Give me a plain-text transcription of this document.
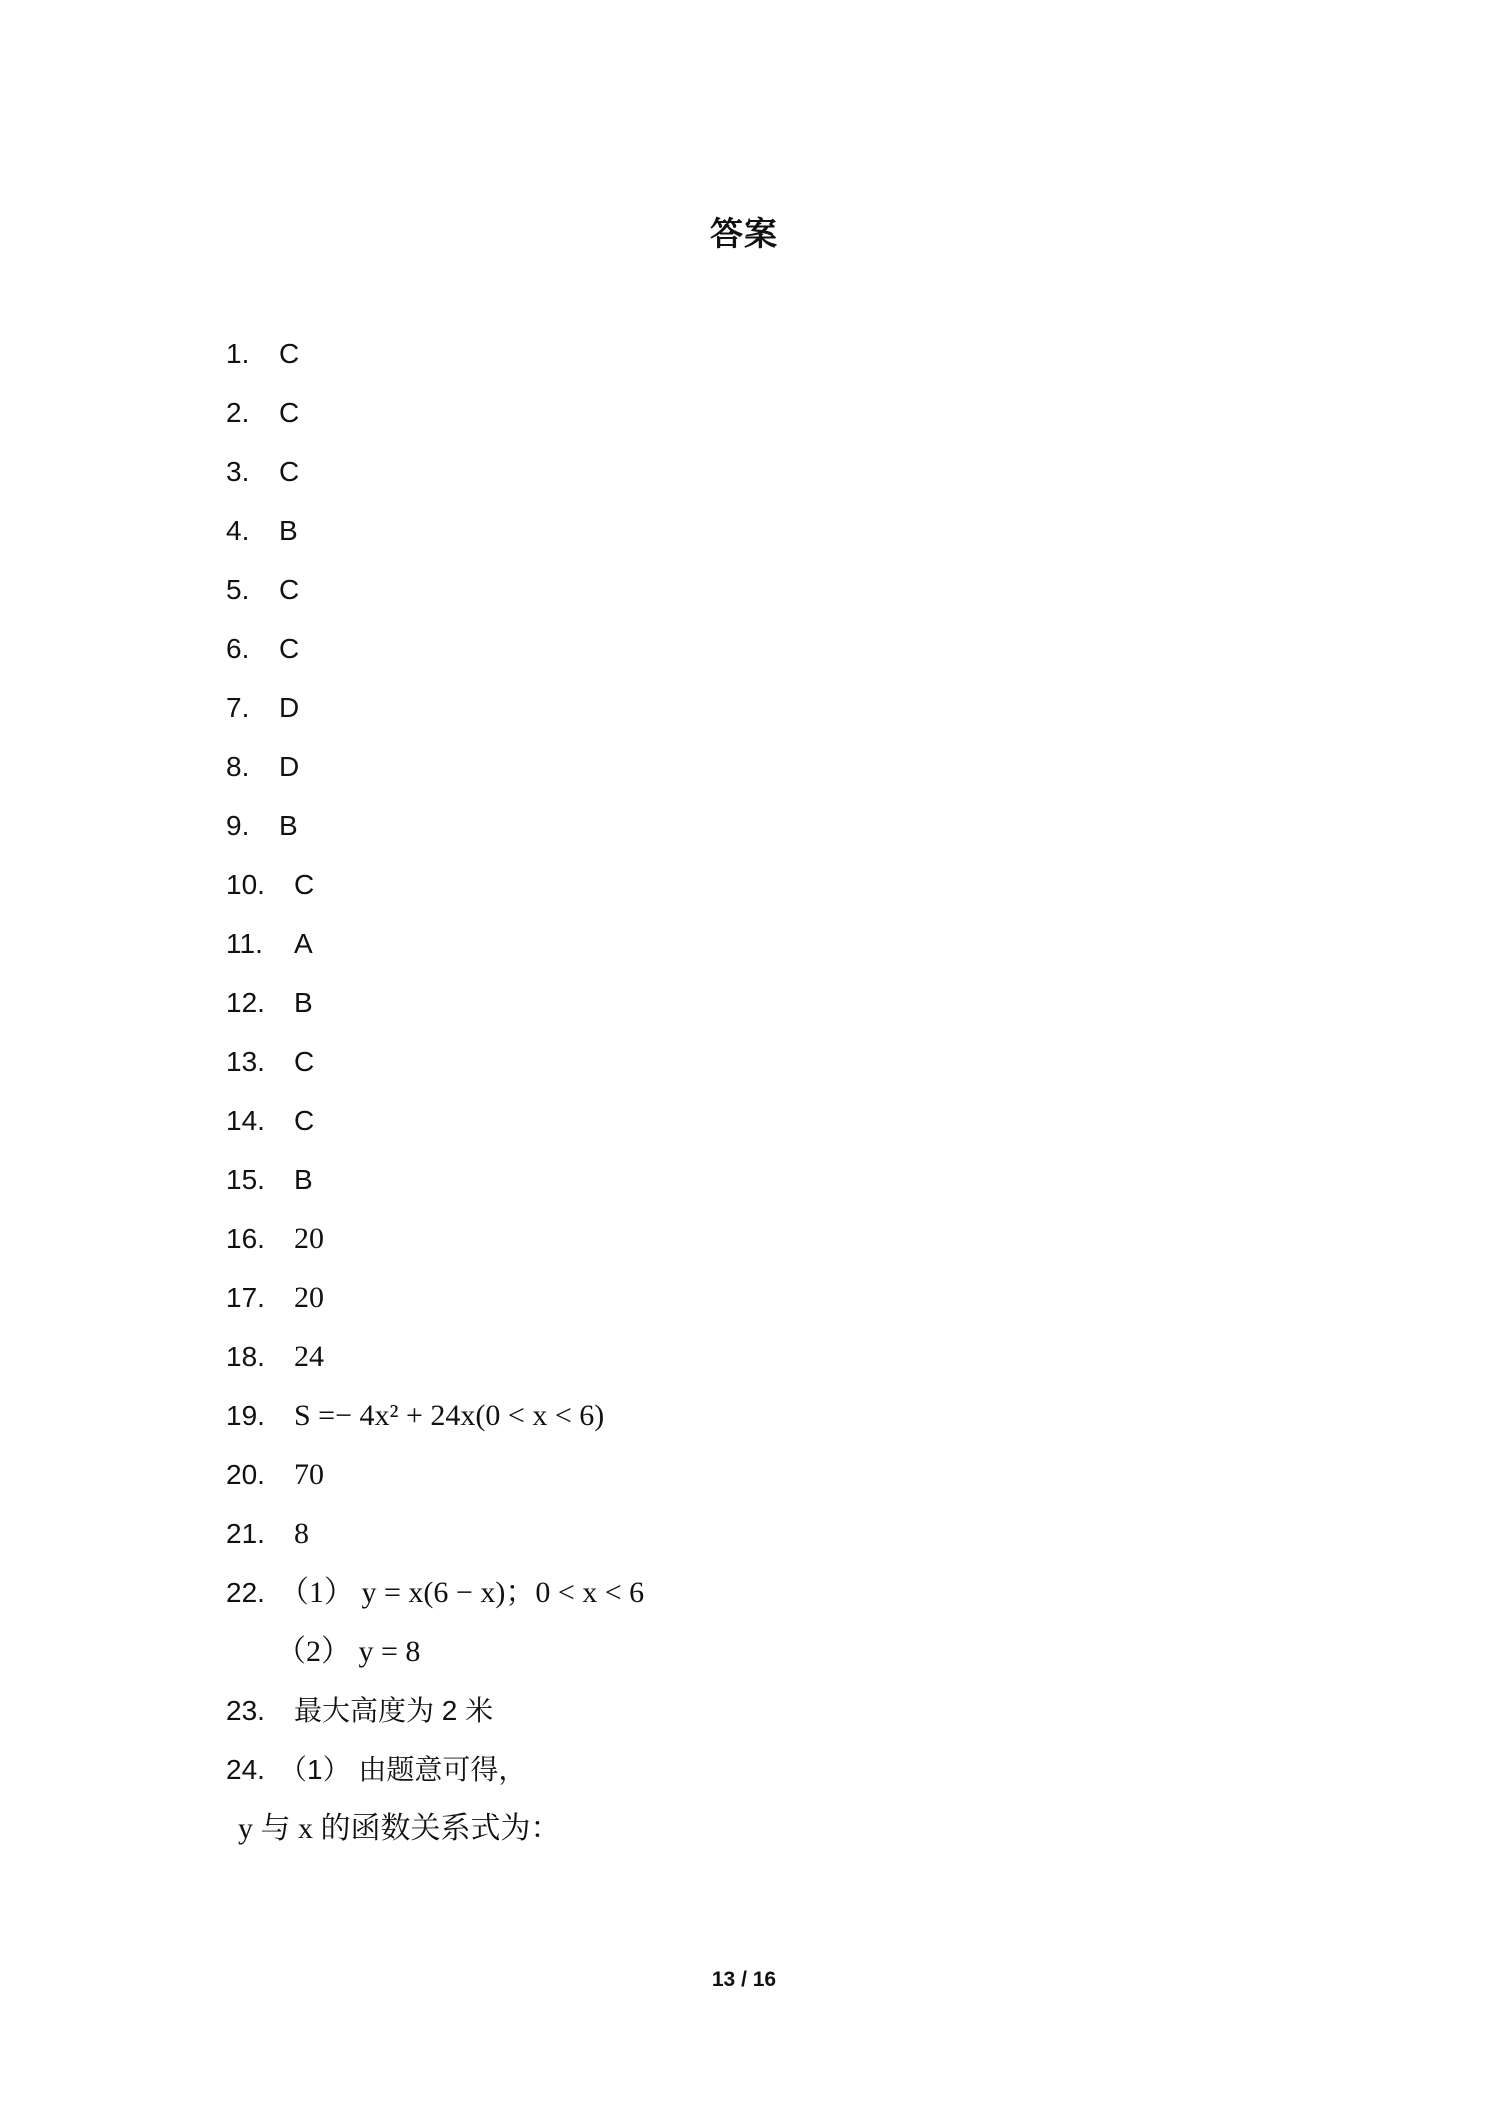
答案
1.	C
2.	C
3.	C
4.	B
5.	C
6.	C
7.	D
8.	D
9.	B
10.	C
11.	A
12.	B
13.	C
14.	C
15.	B
16. 20
17. 20
18. 24
19. S =− 4x² + 24x(0 < x < 6)
20. 70
21. 8
22. （1） y = x(6 − x)；0 < x < 6
（2） y = 8
23.	最大高度为 2 米
24. （1） 由题意可得，
y 与 x 的函数关系式为：
13 / 16
